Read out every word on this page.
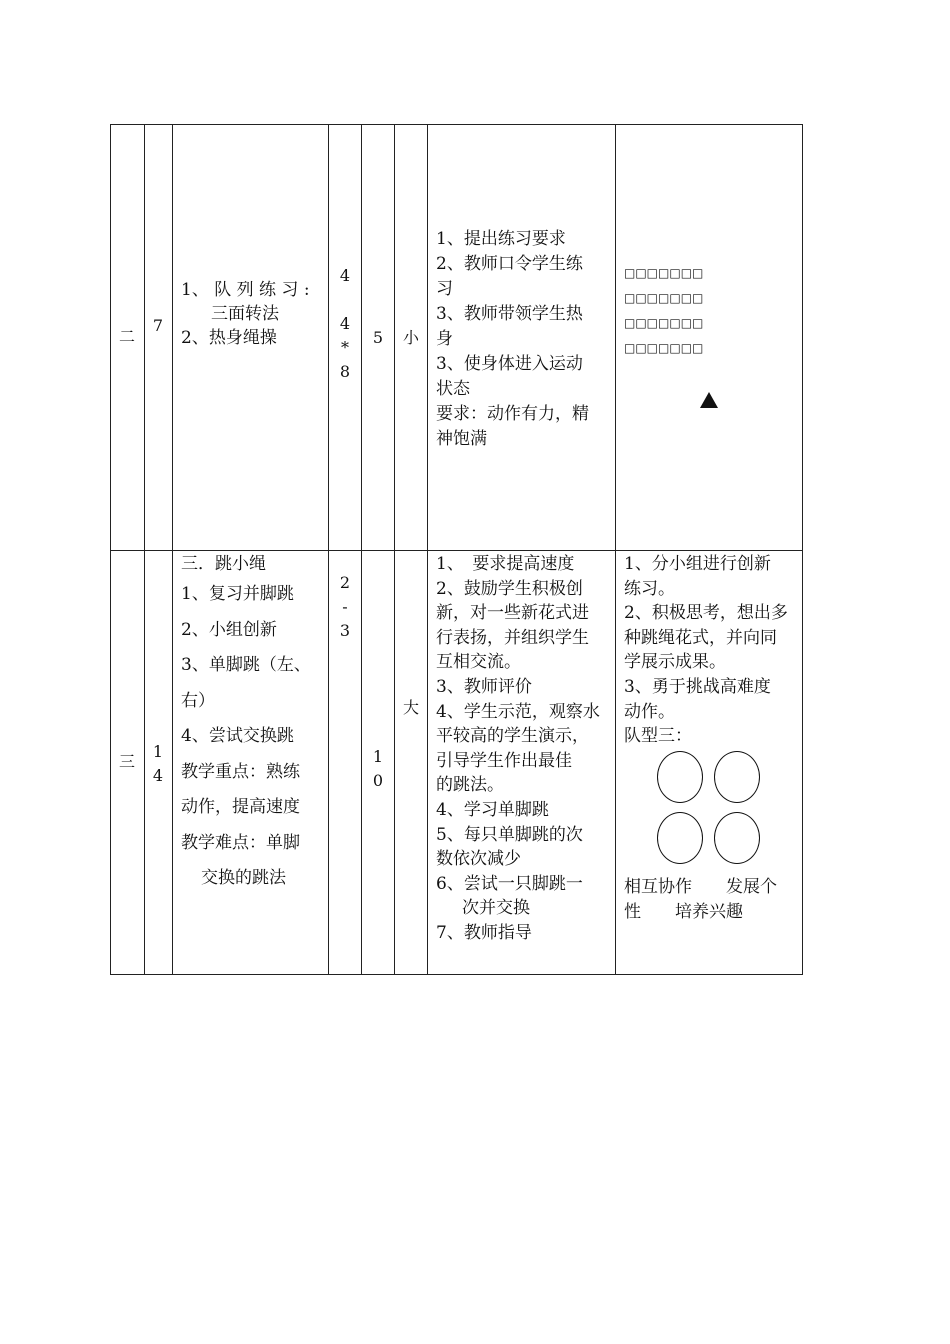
二
7
1、 队 列 练 习 :
三面转法
2、热身绳操
4
4
*
8
5	小
1、提出练习要求
2、教师口令学生练
习
3、教师带领学生热
身
3、使身体进入运动
状态
要求：动作有力，精
神饱满
□□□□□□□
□□□□□□□
□□□□□□□
□□□□□□□
三
1
4
三．跳小绳
1、复习并脚跳
2、小组创新
3、单脚跳（左、
右）
4、尝试交换跳
教学重点：熟练
动作，提高速度
教学难点：单脚
交换的跳法
2
-
3
1
0
大
1、　要求提高速度
2、鼓励学生积极创
新，对一些新花式进
行表扬，并组织学生
互相交流。
3、教师评价
4、学生示范，观察水
平较高的学生演示，
引导学生作出最佳
的跳法。
4、学习单脚跳
5、每只单脚跳的次
数依次减少
6、尝试一只脚跳一
次并交换
7、教师指导
1、分小组进行创新
练习。
2、积极思考，想出多
种跳绳花式，并向同
学展示成果。
3、勇于挑战高难度
动作。
队型三：
相互协作　　发展个
性　　培养兴趣
